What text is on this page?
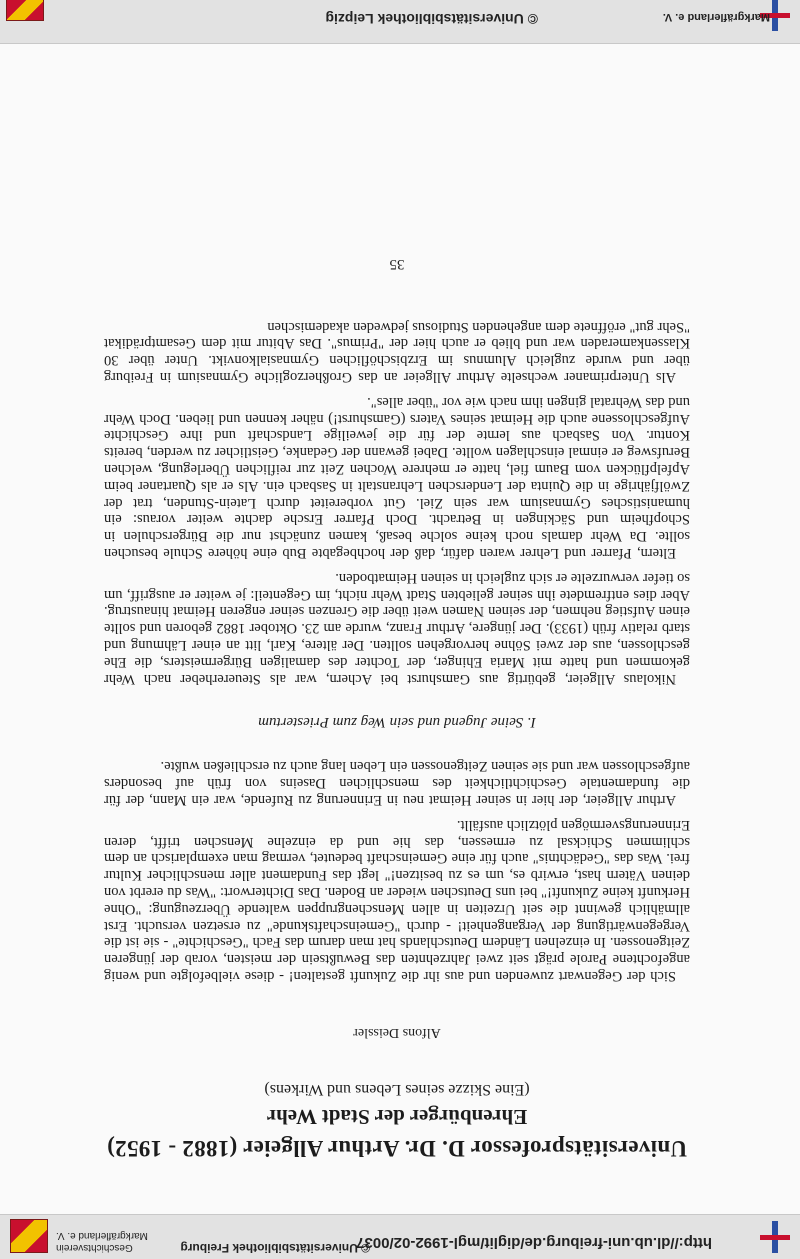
http://dl.ub.uni-freiburg.de/diglit/mgl-1992-02/0037
© Universitätsbibliothek Freiburg
Geschichtsverein
Markgräflerland e. V.
Universitätsprofessor D. Dr. Arthur Allgeier (1882 - 1952)
Ehrenbürger der Stadt Wehr

(Eine Skizze seines Lebens und Wirkens)

Alfons Deissler

Sich der Gegenwart zuwenden und aus ihr die Zukunft gestalten! - diese vielbefolgte und wenig angefochtene Parole prägt seit zwei Jahrzehnten das Bewußtsein der meisten, vorab der jüngeren Zeitgenossen. In einzelnen Ländern Deutschlands hat man darum das Fach "Geschichte" - sie ist die Vergegenwärtigung der Vergangenheit! - durch "Gemeinschaftskunde" zu ersetzen versucht. Erst allmählich gewinnt die seit Urzeiten in allen Menschengruppen waltende Überzeugung: "Ohne Herkunft keine Zukunft!" bei uns Deutschen wieder an Boden. Das Dichterwort: "Was du ererbt von deinen Vätern hast, erwirb es, um es zu besitzen!" legt das Fundament aller menschlicher Kultur frei. Was das "Gedächtnis" auch für eine Gemeinschaft bedeutet, vermag man exemplarisch an dem schlimmen Schicksal zu ermessen, das hie und da einzelne Menschen trifft, deren Erinnerungsvermögen plötzlich ausfällt.

Arthur Allgeier, der hier in seiner Heimat neu in Erinnerung zu Rufende, war ein Mann, der für die fundamentale Geschichtlichkeit des menschlichen Daseins von früh auf besonders aufgeschlossen war und sie seinen Zeitgenossen ein Leben lang auch zu erschließen wußte.

I. Seine Jugend und sein Weg zum Priestertum

Nikolaus Allgeier, gebürtig aus Gamshurst bei Achern, war als Steuererheber nach Wehr gekommen und hatte mit Maria Ehinger, der Tochter des damaligen Bürgermeisters, die Ehe geschlossen, aus der zwei Söhne hervorgehen sollten. Der ältere, Karl, litt an einer Lähmung und starb relativ früh (1933). Der jüngere, Arthur Franz, wurde am 23. Oktober 1882 geboren und sollte einen Aufstieg nehmen, der seinen Namen weit über die Grenzen seiner engeren Heimat hinaustrug. Aber dies entfremdete ihn seiner geliebten Stadt Wehr nicht, im Gegenteil: je weiter er ausgriff, um so tiefer verwurzelte er sich zugleich in seinen Heimatboden.

Eltern, Pfarrer und Lehrer waren dafür, daß der hochbegabte Bub eine höhere Schule besuchen sollte. Da Wehr damals noch keine solche besaß, kamen zunächst nur die Bürgerschulen in Schopfheim und Säckingen in Betracht. Doch Pfarrer Ersche dachte weiter voraus: ein humanistisches Gymnasium war sein Ziel. Gut vorbereitet durch Latein-Stunden, trat der Zwölfjährige in die Quinta der Lenderschen Lehranstalt in Sasbach ein. Als er als Quartaner beim Apfelpflücken vom Baum fiel, hatte er mehrere Wochen Zeit zur reiflichen Überlegung, welchen Berufsweg er einmal einschlagen wollte. Dabei gewann der Gedanke, Geistlicher zu werden, bereits Kontur. Von Sasbach aus lernte der für die jeweilige Landschaft und ihre Geschichte Aufgeschlossene auch die Heimat seines Vaters (Gamshurst!) näher kennen und lieben. Doch Wehr und das Wehratal gingen ihm nach wie vor "über alles".

Als Unterprimaner wechselte Arthur Allgeier an das Großherzogliche Gymnasium in Freiburg über und wurde zugleich Alumnus im Erzbischöflichen Gymnasialkonvikt. Unter über 30 Klassenkameraden war und blieb er auch hier der "Primus". Das Abitur mit dem Gesamtprädikat "Sehr gut" eröffnete dem angehenden Studiosus jedweden akademischen

35
© Universitätsbibliothek Leipzig	Markgräflerland e. V.
